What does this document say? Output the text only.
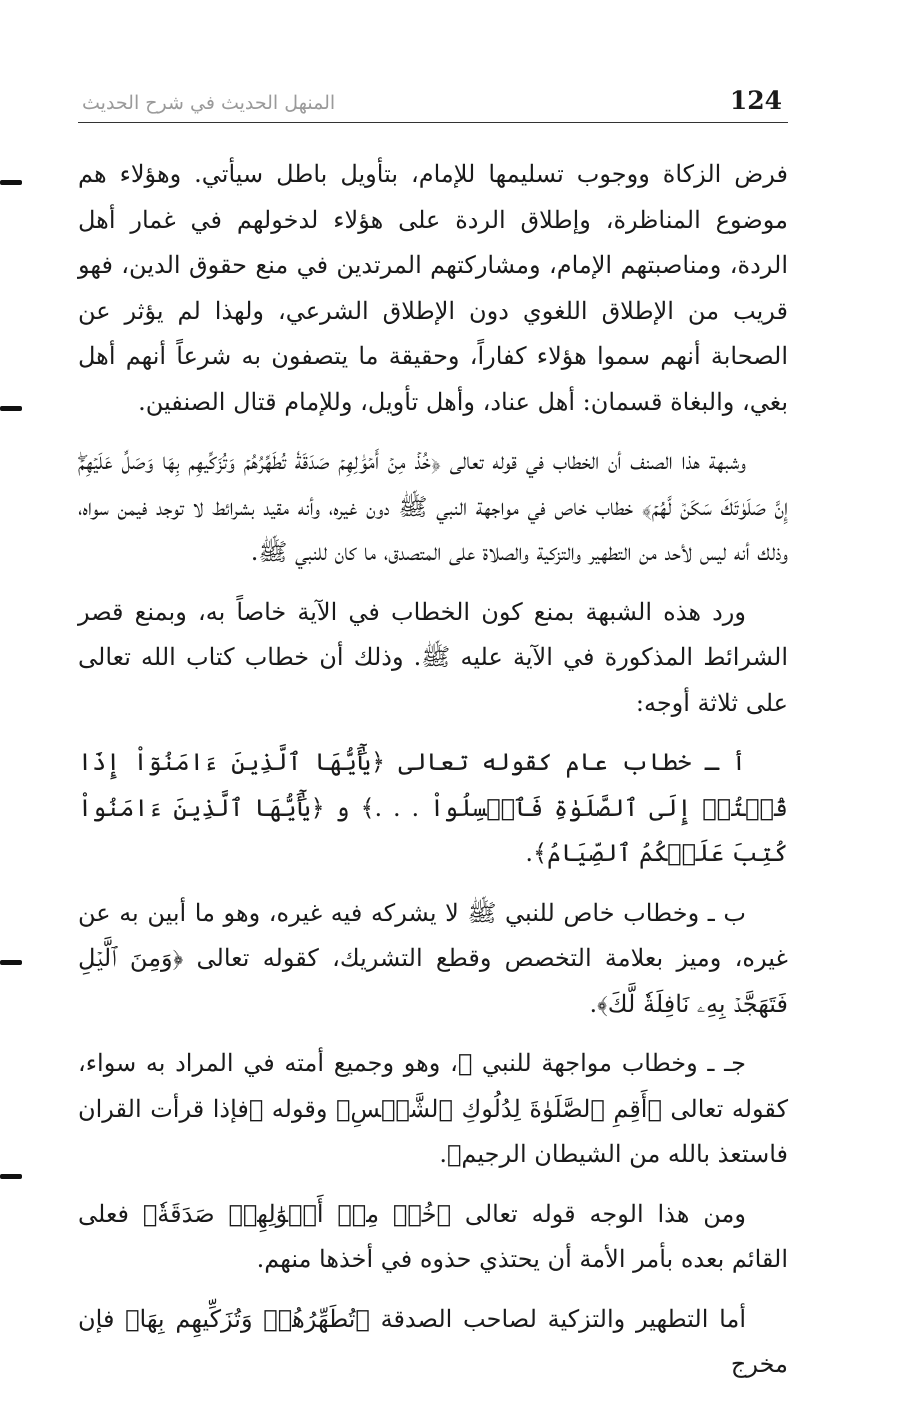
124
المنهل الحديث في شرح الحديث

فرض الزكاة ووجوب تسليمها للإمام، بتأويل باطل سيأتي. وهؤلاء هم موضوع المناظرة، وإطلاق الردة على هؤلاء لدخولهم في غمار أهل الردة، ومناصبتهم الإمام، ومشاركتهم المرتدين في منع حقوق الدين، فهو قريب من الإطلاق اللغوي دون الإطلاق الشرعي، ولهذا لم يؤثر عن الصحابة أنهم سموا هؤلاء كفاراً، وحقيقة ما يتصفون به شرعاً أنهم أهل بغي، والبغاة قسمان: أهل عناد، وأهل تأويل، وللإمام قتال الصنفين.

وشبهة هذا الصنف أن الخطاب في قوله تعالى ﴿خُذۡ مِنۡ أَمۡوَٰلِهِمۡ صَدَقَةٗ تُطَهِّرُهُمۡ وَتُزَكِّيهِم بِهَا وَصَلِّ عَلَيۡهِمۡۖ إِنَّ صَلَوٰتَكَ سَكَنٞ لَّهُمۡ﴾ خطاب خاص في مواجهة النبي ﷺ دون غيره، وأنه مقيد بشرائط لا توجد فيمن سواه، وذلك أنه ليس لأحد من التطهير والتزكية والصلاة على المتصدق، ما كان للنبي ﷺ.

ورد هذه الشبهة بمنع كون الخطاب في الآية خاصاً به، وبمنع قصر الشرائط المذكورة في الآية عليه ﷺ. وذلك أن خطاب كتاب الله تعالى على ثلاثة أوجه:

أ ـ خطاب عام كقوله تعالى ﴿يَٰٓأَيُّهَا ٱلَّذِينَ ءَامَنُوٓاْ إِذَا قُمۡتُمۡ إِلَى ٱلصَّلَوٰةِ فَٱغۡسِلُواْ . . .﴾ و ﴿يَٰٓأَيُّهَا ٱلَّذِينَ ءَامَنُواْ كُتِبَ عَلَيۡكُمُ ٱلصِّيَامُ﴾.

ب ـ وخطاب خاص للنبي ﷺ لا يشركه فيه غيره، وهو ما أبين به عن غيره، وميز بعلامة التخصص وقطع التشريك، كقوله تعالى ﴿وَمِنَ ٱلَّيۡلِ فَتَهَجَّدۡ بِهِۦ نَافِلَةٗ لَّكَ﴾.

جـ ـ وخطاب مواجهة للنبي ﷺ، وهو وجميع أمته في المراد به سواء، كقوله تعالى ﴿أَقِمِ ٱلصَّلَوٰةَ لِدُلُوكِ ٱلشَّمۡسِ﴾ وقوله ﴿فإذا قرأت القران فاستعذ بالله من الشيطان الرجيم﴾.

ومن هذا الوجه قوله تعالى ﴿خُذۡ مِنۡ أَمۡوَٰلِهِمۡ صَدَقَةٗ﴾ فعلى القائم بعده بأمر الأمة أن يحتذي حذوه في أخذها منهم.

أما التطهير والتزكية لصاحب الصدقة ﴿تُطَهِّرُهُمۡ وَتُزَكِّيهِم بِهَا﴾ فإن مخرج
